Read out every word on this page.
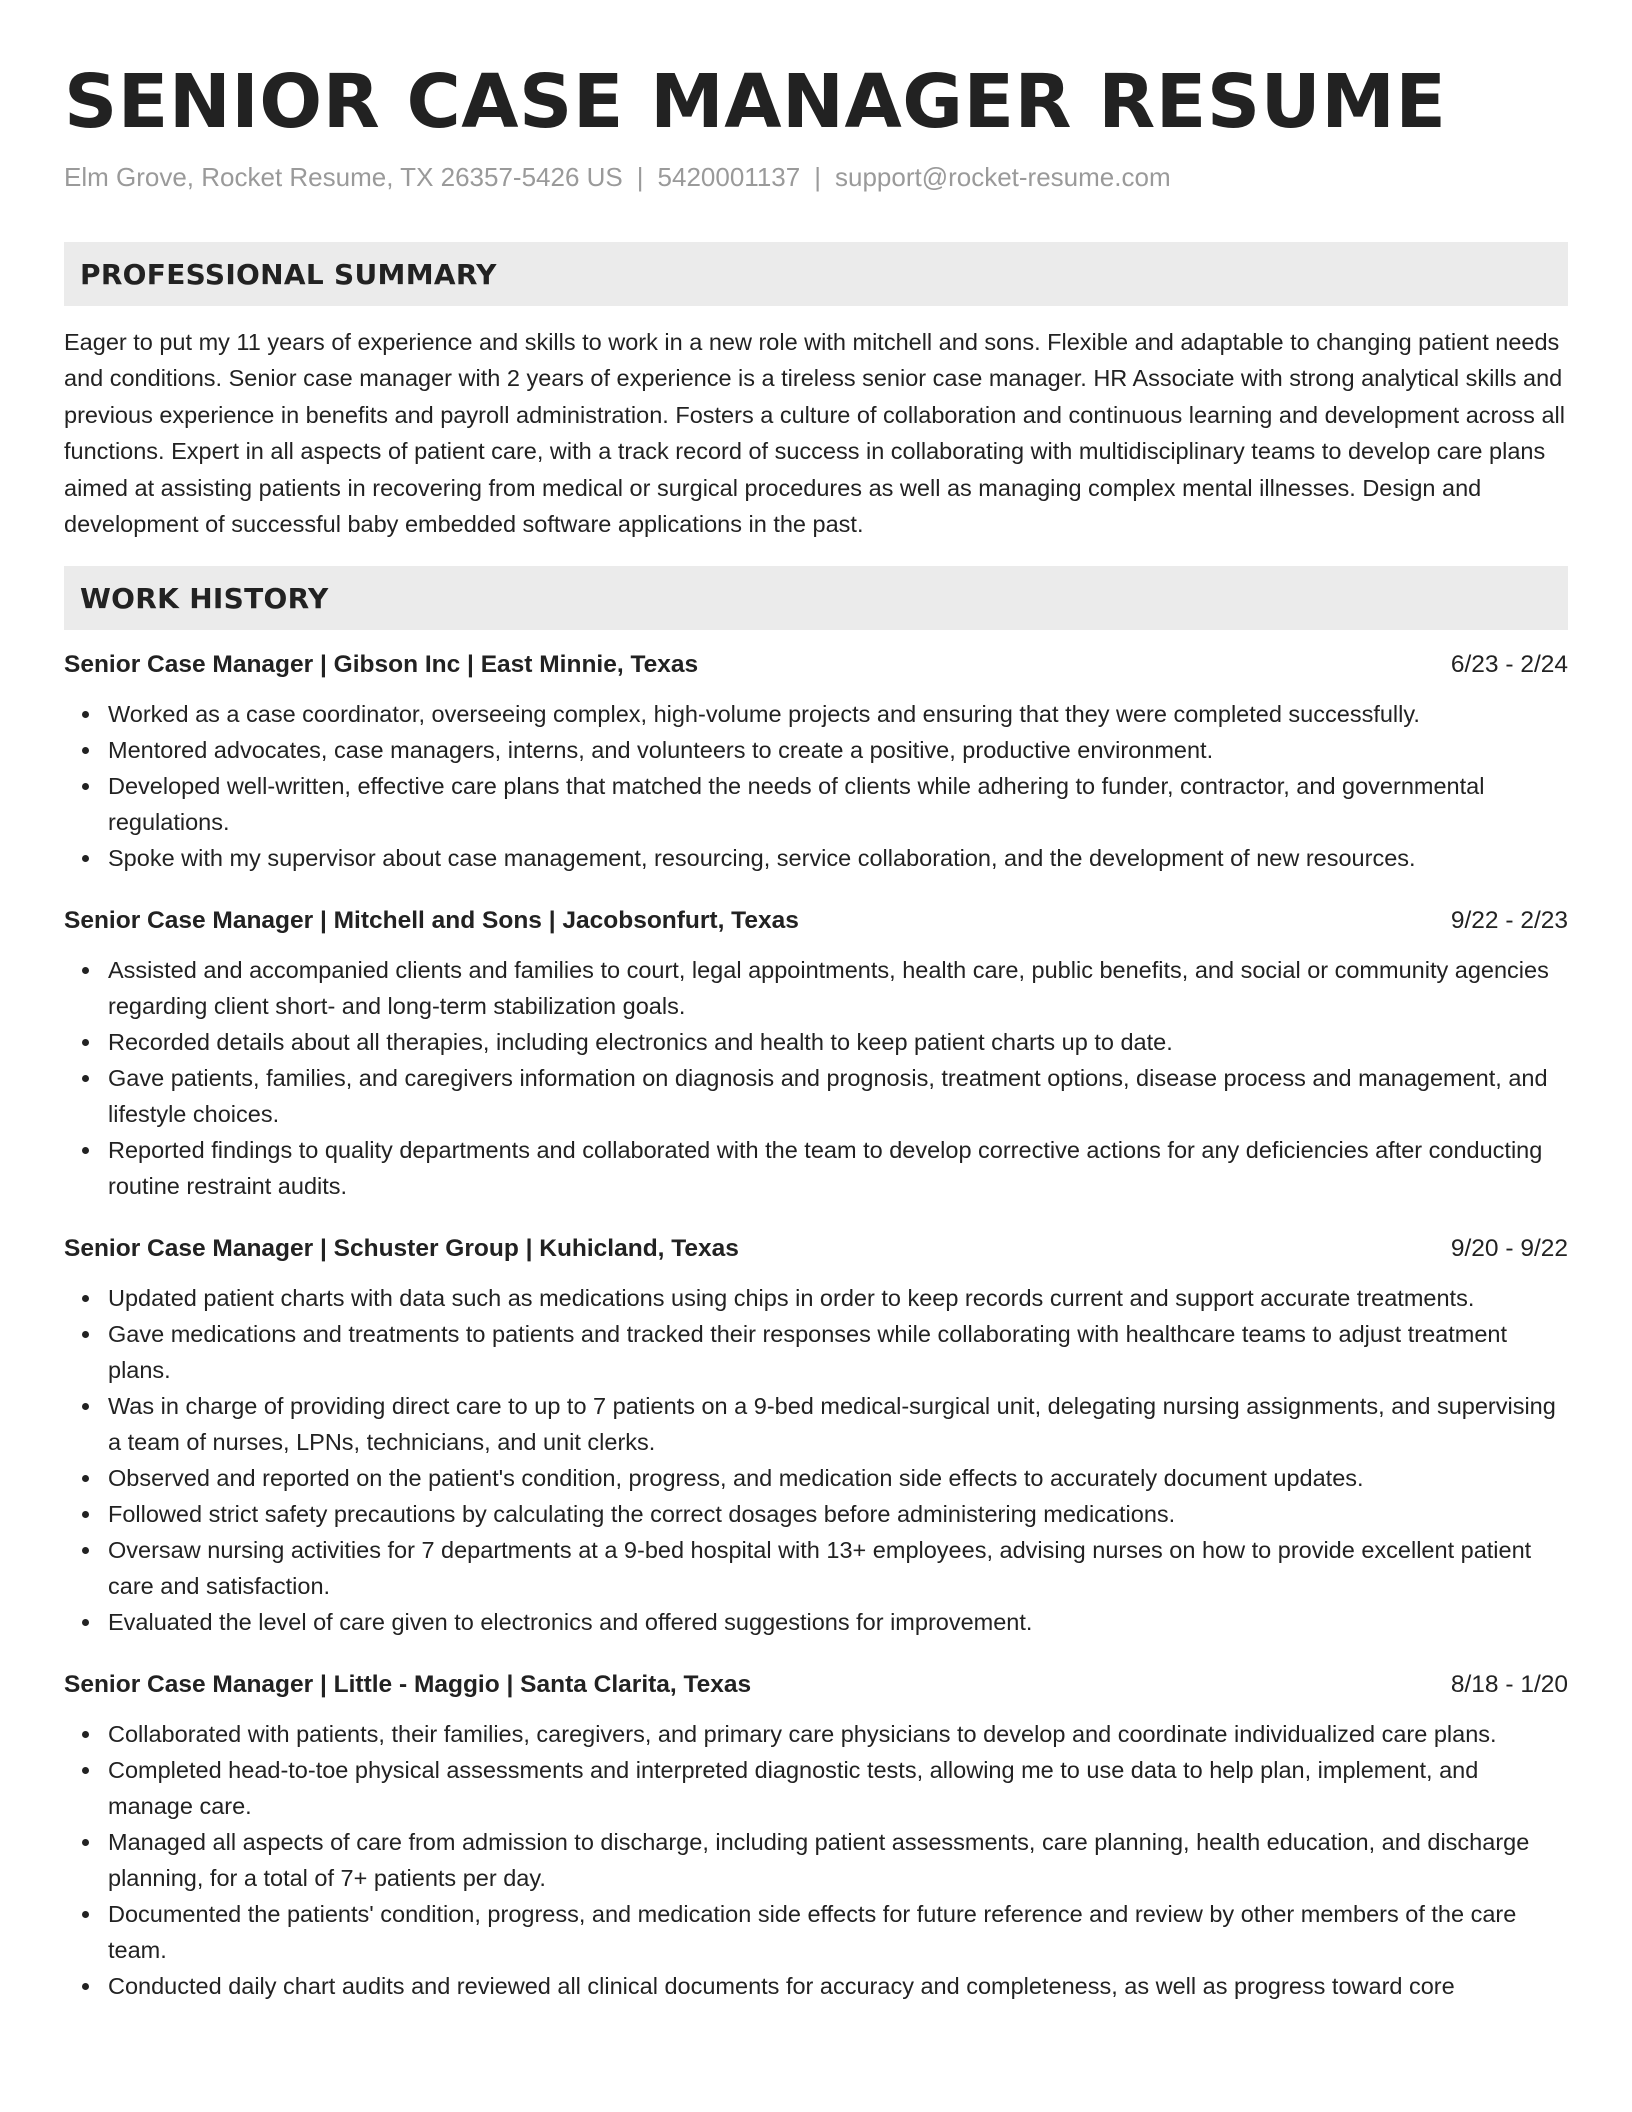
SENIOR CASE MANAGER RESUME
Elm Grove, Rocket Resume, TX 26357-5426 US | 5420001137 | support@rocket-resume.com
PROFESSIONAL SUMMARY

Eager to put my 11 years of experience and skills to work in a new role with mitchell and sons. Flexible and adaptable to changing patient needs and conditions. Senior case manager with 2 years of experience is a tireless senior case manager. HR Associate with strong analytical skills and previous experience in benefits and payroll administration. Fosters a culture of collaboration and continuous learning and development across all functions. Expert in all aspects of patient care, with a track record of success in collaborating with multidisciplinary teams to develop care plans aimed at assisting patients in recovering from medical or surgical procedures as well as managing complex mental illnesses. Design and development of successful baby embedded software applications in the past.

WORK HISTORY
Senior Case Manager | Gibson Inc | East Minnie, Texas	6/23 - 2/24
Worked as a case coordinator, overseeing complex, high-volume projects and ensuring that they were completed successfully.
Mentored advocates, case managers, interns, and volunteers to create a positive, productive environment.
Developed well-written, effective care plans that matched the needs of clients while adhering to funder, contractor, and governmental regulations.
Spoke with my supervisor about case management, resourcing, service collaboration, and the development of new resources.
Senior Case Manager | Mitchell and Sons | Jacobsonfurt, Texas	9/22 - 2/23
Assisted and accompanied clients and families to court, legal appointments, health care, public benefits, and social or community agencies regarding client short- and long-term stabilization goals.
Recorded details about all therapies, including electronics and health to keep patient charts up to date.
Gave patients, families, and caregivers information on diagnosis and prognosis, treatment options, disease process and management, and lifestyle choices.
Reported findings to quality departments and collaborated with the team to develop corrective actions for any deficiencies after conducting routine restraint audits.
Senior Case Manager | Schuster Group | Kuhicland, Texas	9/20 - 9/22
Updated patient charts with data such as medications using chips in order to keep records current and support accurate treatments.
Gave medications and treatments to patients and tracked their responses while collaborating with healthcare teams to adjust treatment plans.
Was in charge of providing direct care to up to 7 patients on a 9-bed medical-surgical unit, delegating nursing assignments, and supervising a team of nurses, LPNs, technicians, and unit clerks.
Observed and reported on the patient's condition, progress, and medication side effects to accurately document updates.
Followed strict safety precautions by calculating the correct dosages before administering medications.
Oversaw nursing activities for 7 departments at a 9-bed hospital with 13+ employees, advising nurses on how to provide excellent patient care and satisfaction.
Evaluated the level of care given to electronics and offered suggestions for improvement.
Senior Case Manager | Little - Maggio | Santa Clarita, Texas	8/18 - 1/20
Collaborated with patients, their families, caregivers, and primary care physicians to develop and coordinate individualized care plans.
Completed head-to-toe physical assessments and interpreted diagnostic tests, allowing me to use data to help plan, implement, and manage care.
Managed all aspects of care from admission to discharge, including patient assessments, care planning, health education, and discharge planning, for a total of 7+ patients per day.
Documented the patients' condition, progress, and medication side effects for future reference and review by other members of the care team.
Conducted daily chart audits and reviewed all clinical documents for accuracy and completeness, as well as progress toward core
